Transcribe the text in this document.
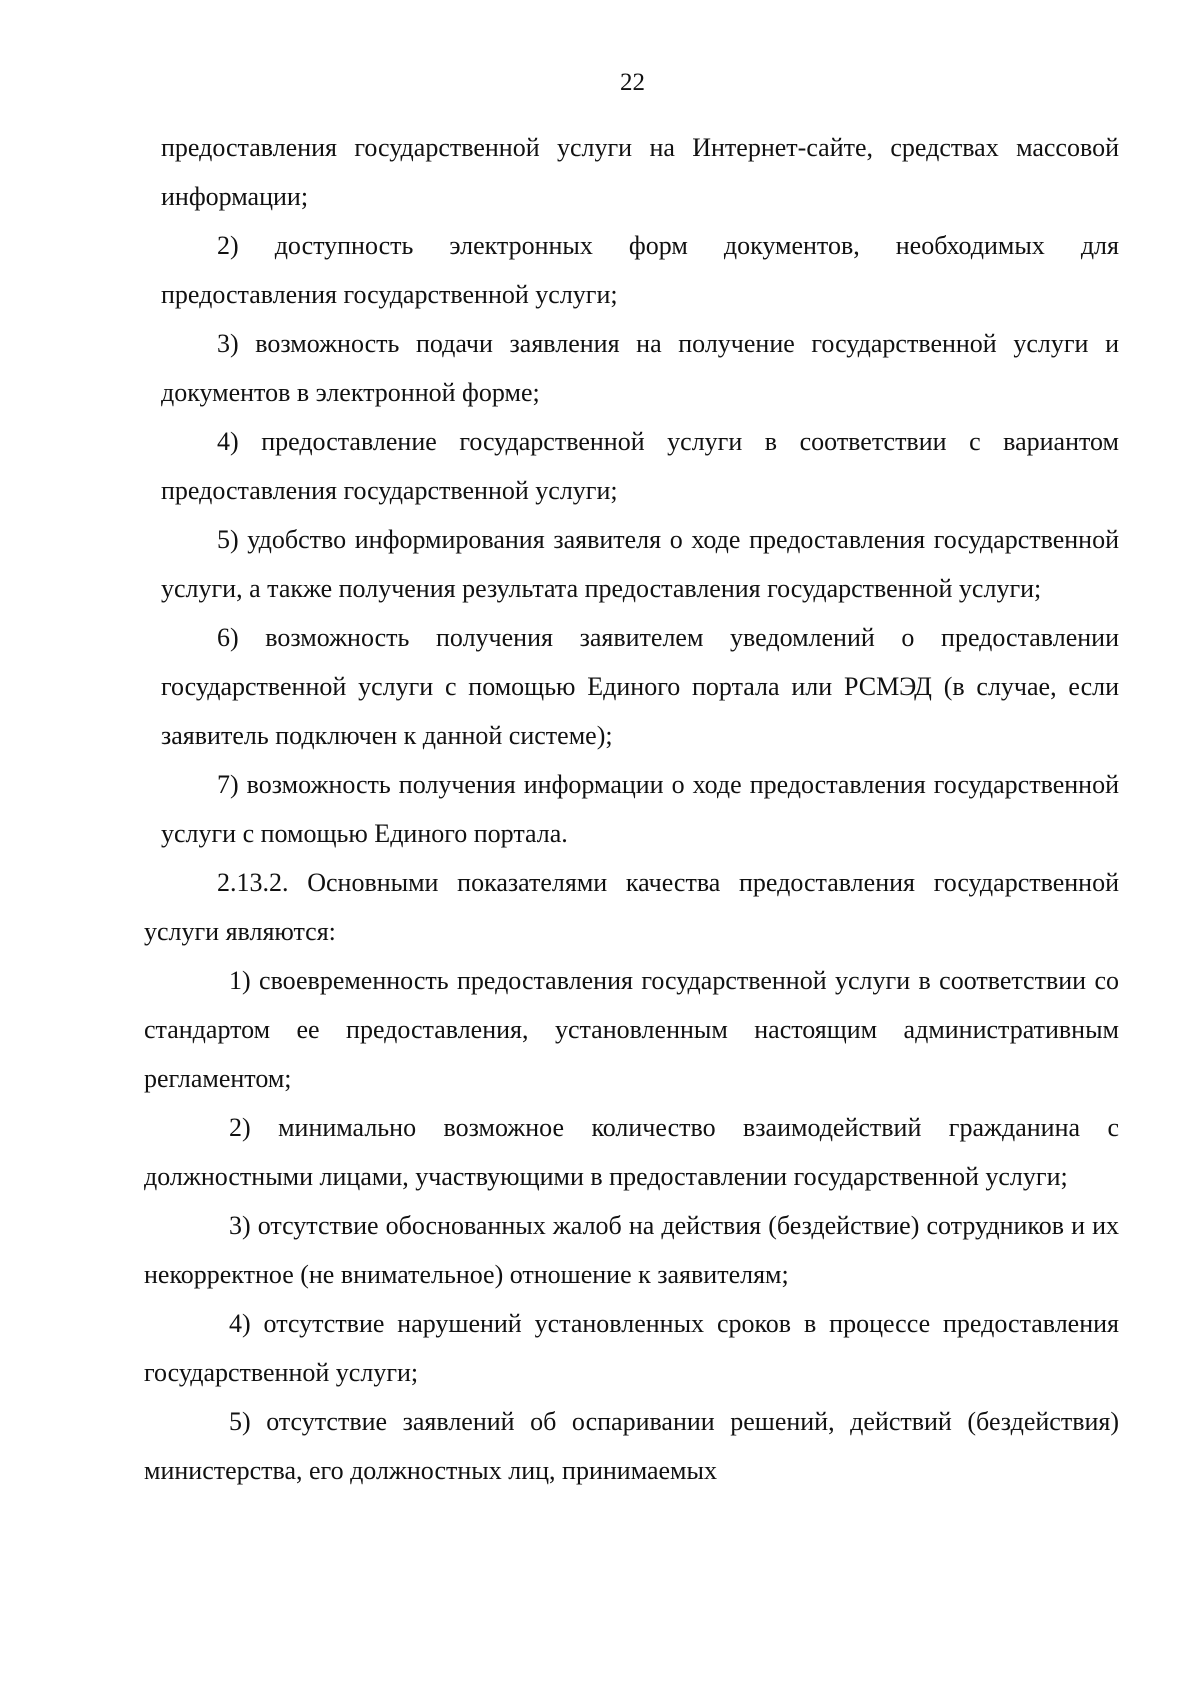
22

предоставления государственной услуги на Интернет-сайте, средствах массовой информации;

2) доступность электронных форм документов, необходимых для предоставления государственной услуги;

3) возможность подачи заявления на получение государственной услуги и документов в электронной форме;

4) предоставление государственной услуги в соответствии с вариантом предоставления государственной услуги;

5) удобство информирования заявителя о ходе предоставления государственной услуги, а также получения результата предоставления государственной услуги;

6) возможность получения заявителем уведомлений о предоставлении государственной услуги с помощью Единого портала или РСМЭД (в случае, если заявитель подключен к данной системе);

7) возможность получения информации о ходе предоставления государственной услуги с помощью Единого портала.

2.13.2. Основными показателями качества предоставления государственной услуги являются:

1) своевременность предоставления государственной услуги в соответствии со стандартом ее предоставления, установленным настоящим административным регламентом;

2) минимально возможное количество взаимодействий гражданина с должностными лицами, участвующими в предоставлении государственной услуги;

3) отсутствие обоснованных жалоб на действия (бездействие) сотрудников и их некорректное (не внимательное) отношение к заявителям;

4) отсутствие нарушений установленных сроков в процессе предоставления государственной услуги;

5) отсутствие заявлений об оспаривании решений, действий (бездействия) министерства, его должностных лиц, принимаемых
